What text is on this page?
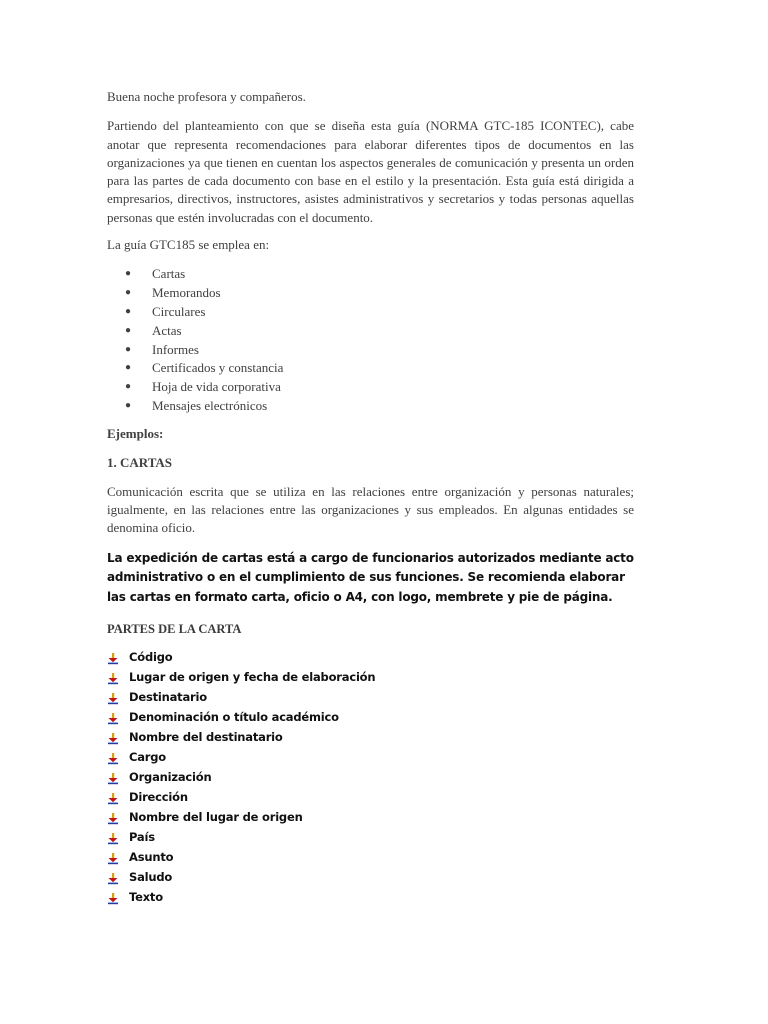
Buena noche profesora y compañeros.

Partiendo del planteamiento con que se diseña esta guía (NORMA GTC-185 ICONTEC), cabe anotar que representa recomendaciones para elaborar diferentes tipos de documentos en las organizaciones ya que tienen en cuentan los aspectos generales de comunicación y presenta un orden para las partes de cada documento con base en el estilo y la presentación. Esta guía está dirigida a empresarios, directivos, instructores, asistes administrativos y secretarios y todas personas aquellas personas que estén involucradas con el documento.

La guía GTC185 se emplea en:

● Cartas
● Memorandos
● Circulares
● Actas
● Informes
● Certificados y constancia
● Hoja de vida corporativa
● Mensajes electrónicos

Ejemplos:

1. CARTAS

Comunicación escrita que se utiliza en las relaciones entre organización y personas naturales; igualmente, en las relaciones entre las organizaciones y sus empleados. En algunas entidades se denomina oficio.

La expedición de cartas está a cargo de funcionarios autorizados mediante acto administrativo o en el cumplimiento de sus funciones. Se recomienda elaborar las cartas en formato carta, oficio o A4, con logo, membrete y pie de página.

PARTES DE LA CARTA

Código
Lugar de origen y fecha de elaboración
Destinatario
Denominación o título académico
Nombre del destinatario
Cargo
Organización
Dirección
Nombre del lugar de origen
País
Asunto
Saludo
Texto
